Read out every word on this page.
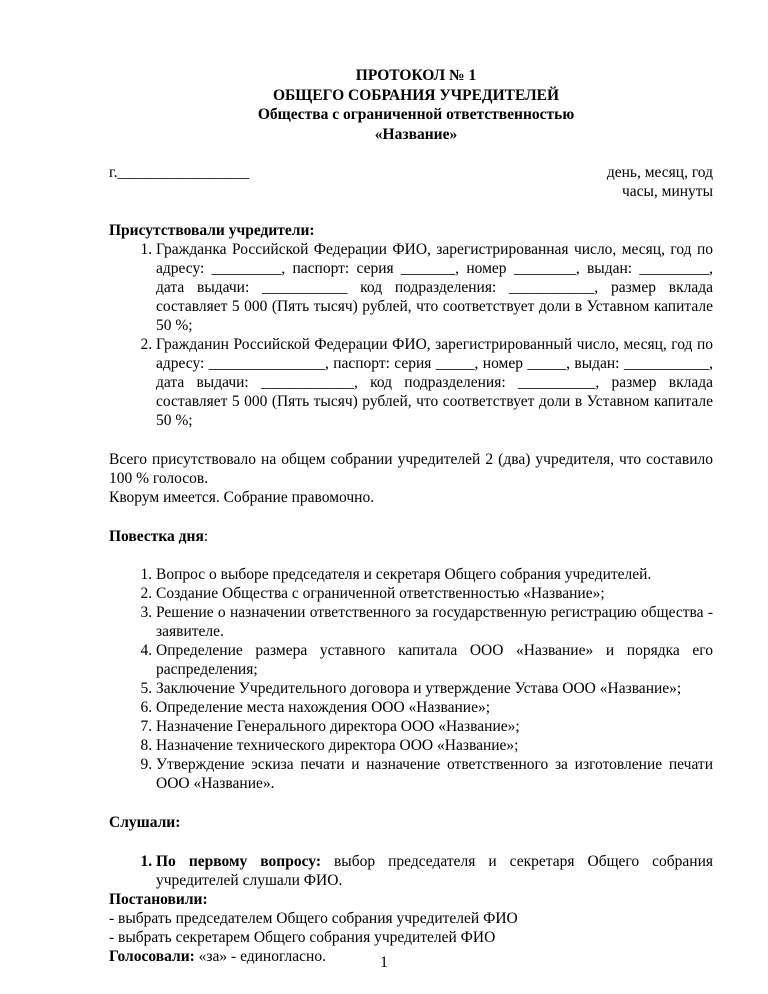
ПРОТОКОЛ № 1
ОБЩЕГО СОБРАНИЯ УЧРЕДИТЕЛЕЙ
Общества с ограниченной ответственностью
«Название»
г._________________	день, месяц, год
часы, минуты
Присутствовали учредители:
1. Гражданка Российской Федерации ФИО, зарегистрированная число, месяц, год по адресу: _________, паспорт: серия _______, номер ________, выдан: _________, дата выдачи: ___________ код подразделения: ___________, размер вклада составляет 5 000 (Пять тысяч) рублей, что соответствует доли в Уставном капитале 50 %;
2. Гражданин Российской Федерации ФИО, зарегистрированный число, месяц, год по адресу: _______________, паспорт: серия _____, номер _____, выдан: ___________, дата выдачи: ____________, код подразделения: __________, размер вклада составляет 5 000 (Пять тысяч) рублей, что соответствует доли в Уставном капитале 50 %;
Всего присутствовало на общем собрании учредителей 2 (два) учредителя, что составило 100 % голосов.
Кворум имеется. Собрание правомочно.
Повестка дня:
1. Вопрос о выборе председателя и секретаря Общего собрания учредителей.
2. Создание Общества с ограниченной ответственностью «Название»;
3. Решение о назначении ответственного за государственную регистрацию общества - заявителе.
4. Определение размера уставного капитала ООО «Название» и порядка его распределения;
5. Заключение Учредительного договора и утверждение Устава ООО «Название»;
6. Определение места нахождения ООО «Название»;
7. Назначение Генерального директора ООО «Название»;
8. Назначение технического директора ООО «Название»;
9. Утверждение эскиза печати и назначение ответственного за изготовление печати ООО «Название».
Слушали:
1. По первому вопросу: выбор председателя и секретаря Общего собрания учредителей слушали ФИО.
Постановили:
- выбрать председателем Общего собрания учредителей ФИО
- выбрать секретарем Общего собрания учредителей ФИО
Голосовали: «за» - единогласно.	1
